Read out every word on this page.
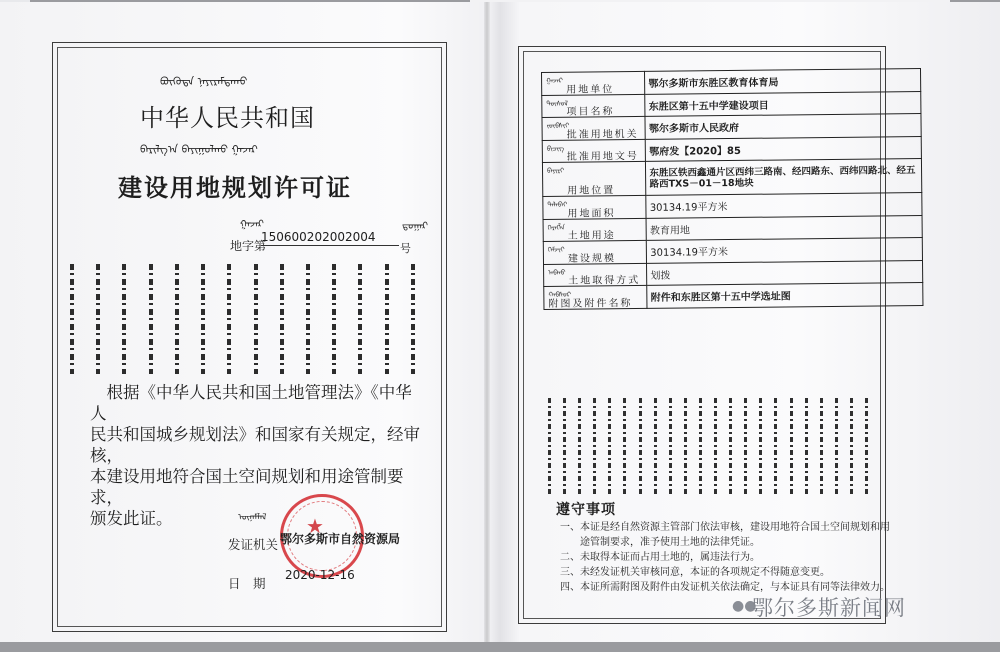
ᠪᠦᠭᠦᠳᠡ ᠨᠠᠶᠢᠷᠠᠮᠳᠠᠬᠤ
中华人民共和国
ᠪᠠᠷᠢᠯᠭ᠎ᠠ ᠪᠠᠶᠢᠭᠤᠯᠬᠤ ᠭᠠᠵᠠᠷ
建设用地规划许可证
ᠭᠠᠵᠠᠷ	ᠳ᠋ᠤᠭᠠᠷ
地字第
150600202002004
号

根据《中华人民共和国土地管理法》《中华人

民共和国城乡规划法》和国家有关规定，经审核，

本建设用地符合国土空间规划和用途管制要求，

颁发此证。	ᠦᠨᠡᠮᠯᠡᠯ ★
发证机关 鄂尔多斯市自然资源局
日　期
2020-12-16
ᠭᠠᠵᠠᠷ
用地单位	鄂尔多斯市东胜区教育体育局

ᠲᠥᠰᠥᠯ
项目名称	东胜区第十五中学建设项目

ᠵᠥᠪᠰᠢᠶ
批准用地机关	鄂尔多斯市人民政府

ᠪᠢᠴᠢᠭ
批准用地文号	鄂府发【2020】85

ᠪᠠᠶᠢᠷᠢ
用地位置	东胜区铁西鑫通片区西纬三路南、经四路东、西纬四路北、经五路西TXS－01－18地块

ᠲᠠᠯᠠᠪᠠᠢ
用地面积	30134.19平方米

ᠬᠡᠷᠡᠭᠯᠡ
土地用途	教育用地

ᠬᠡᠮᠵᠢᠶ
建设规模	30134.19平方米

ᠠᠪᠬᠤ
土地取得方式	划拨

ᠬᠠᠪᠰᠤᠷ
附图及附件名称	附件和东胜区第十五中学选址图
遵守事项
一、本证是经自然资源主管部门依法审核，建设用地符合国土空间规划和用
　　途管制要求，准予使用土地的法律凭证。
二、未取得本证而占用土地的，属违法行为。
三、未经发证机关审核同意，本证的各项规定不得随意变更。
四、本证所需附图及附件由发证机关依法确定，与本证具有同等法律效力。
●●
鄂尔多斯新闻网
